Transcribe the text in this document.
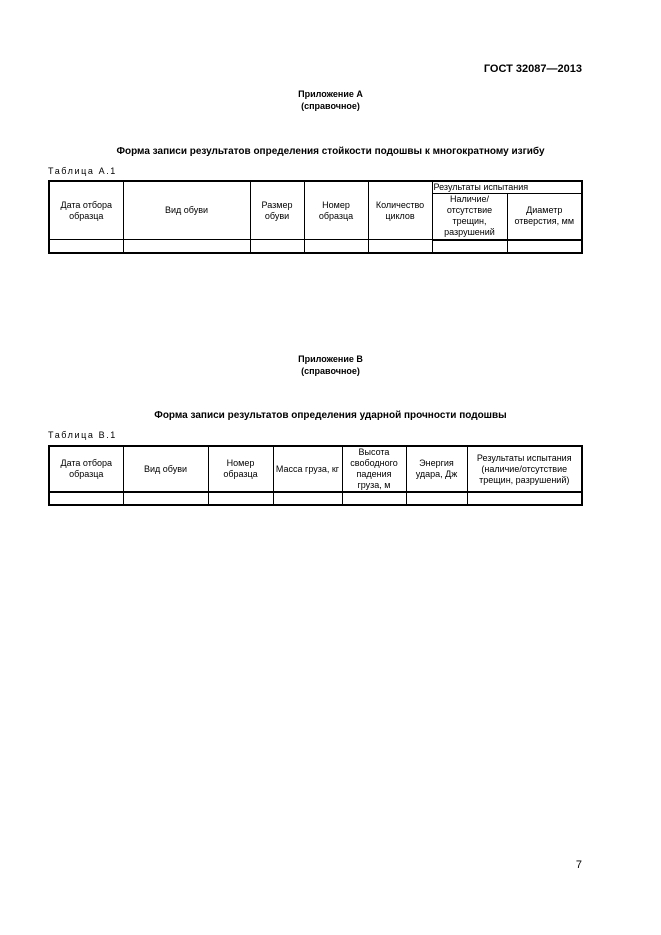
ГОСТ 32087—2013
Приложение А
(справочное)
Форма записи результатов определения стойкости подошвы к многократному изгибу
Таблица А.1
Дата отбора образца	Вид обуви	Размер обуви	Номер образца	Количество циклов	Результаты испытания	
					Наличие/ отсутствие трещин, разрушений	Диаметр отверстия, мм

Приложение В
(справочное)
Форма записи результатов определения ударной прочности подошвы
Таблица В.1
Дата отбора образца	Вид обуви	Номер образца	Масса груза, кг	Высота свободного падения груза, м	Энергия удара, Дж	Результаты испытания (наличие/отсутствие трещин, разрушений)

7
